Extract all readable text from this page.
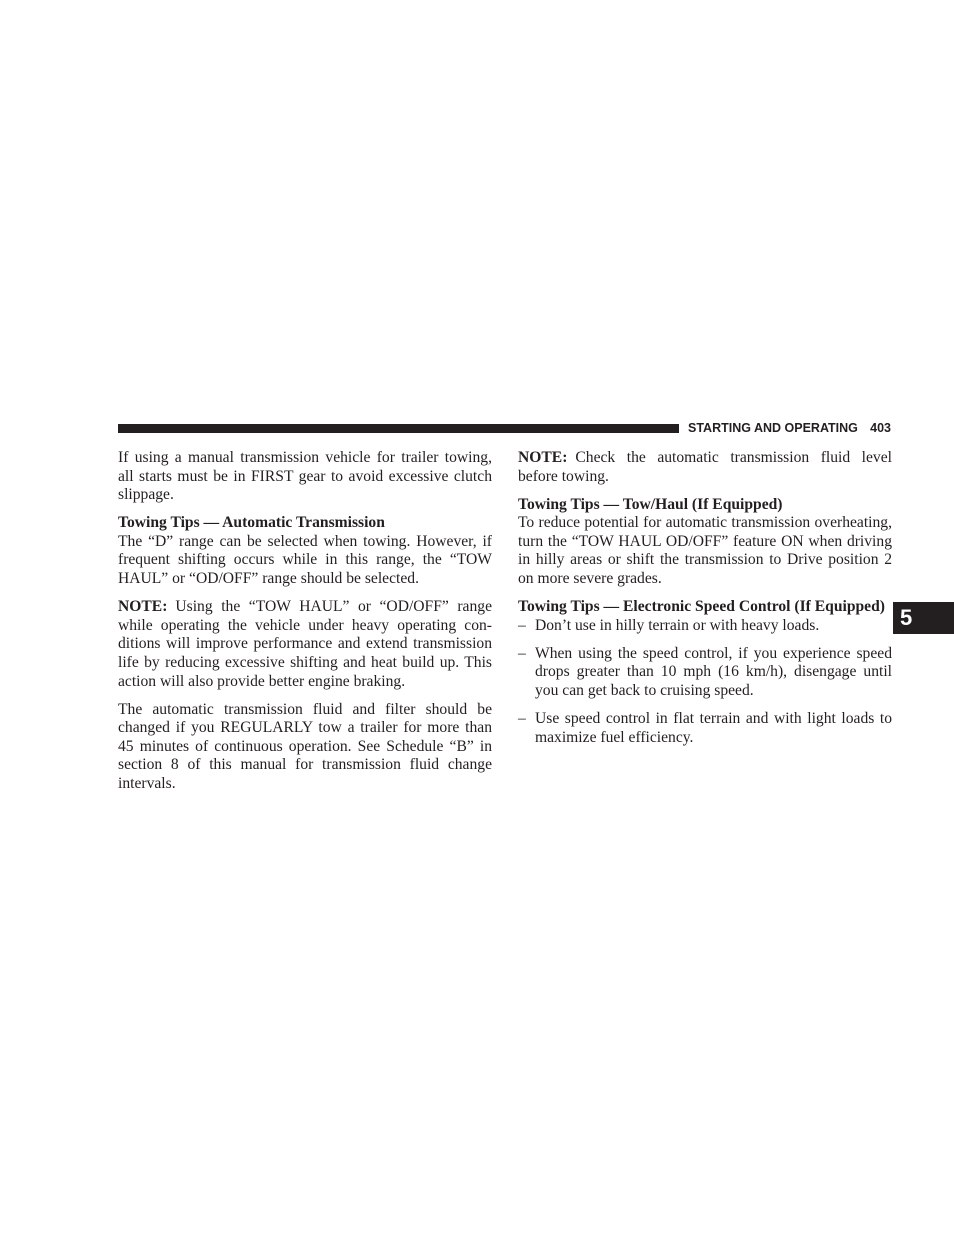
STARTING AND OPERATING 403

If using a manual transmission vehicle for trailer towing, all starts must be in FIRST gear to avoid excessive clutch slippage.

Towing Tips — Automatic Transmission

The “D” range can be selected when towing. However, if frequent shifting occurs while in this range, the “TOW HAUL” or “OD/OFF” range should be selected.

NOTE: Using the “TOW HAUL” or “OD/OFF” range while operating the vehicle under heavy operating conditions will improve performance and extend transmission life by reducing excessive shifting and heat build up. This action will also provide better engine braking.

The automatic transmission fluid and filter should be changed if you REGULARLY tow a trailer for more than 45 minutes of continuous operation. See Schedule “B” in section 8 of this manual for transmission fluid change intervals.

NOTE: Check the automatic transmission fluid level before towing.

Towing Tips — Tow/Haul (If Equipped)

To reduce potential for automatic transmission overheating, turn the “TOW HAUL OD/OFF” feature ON when driving in hilly areas or shift the transmission to Drive position 2 on more severe grades.

Towing Tips — Electronic Speed Control (If Equipped)

– Don’t use in hilly terrain or with heavy loads.
– When using the speed control, if you experience speed drops greater than 10 mph (16 km/h), disengage until you can get back to cruising speed.
– Use speed control in flat terrain and with light loads to maximize fuel efficiency.
5
